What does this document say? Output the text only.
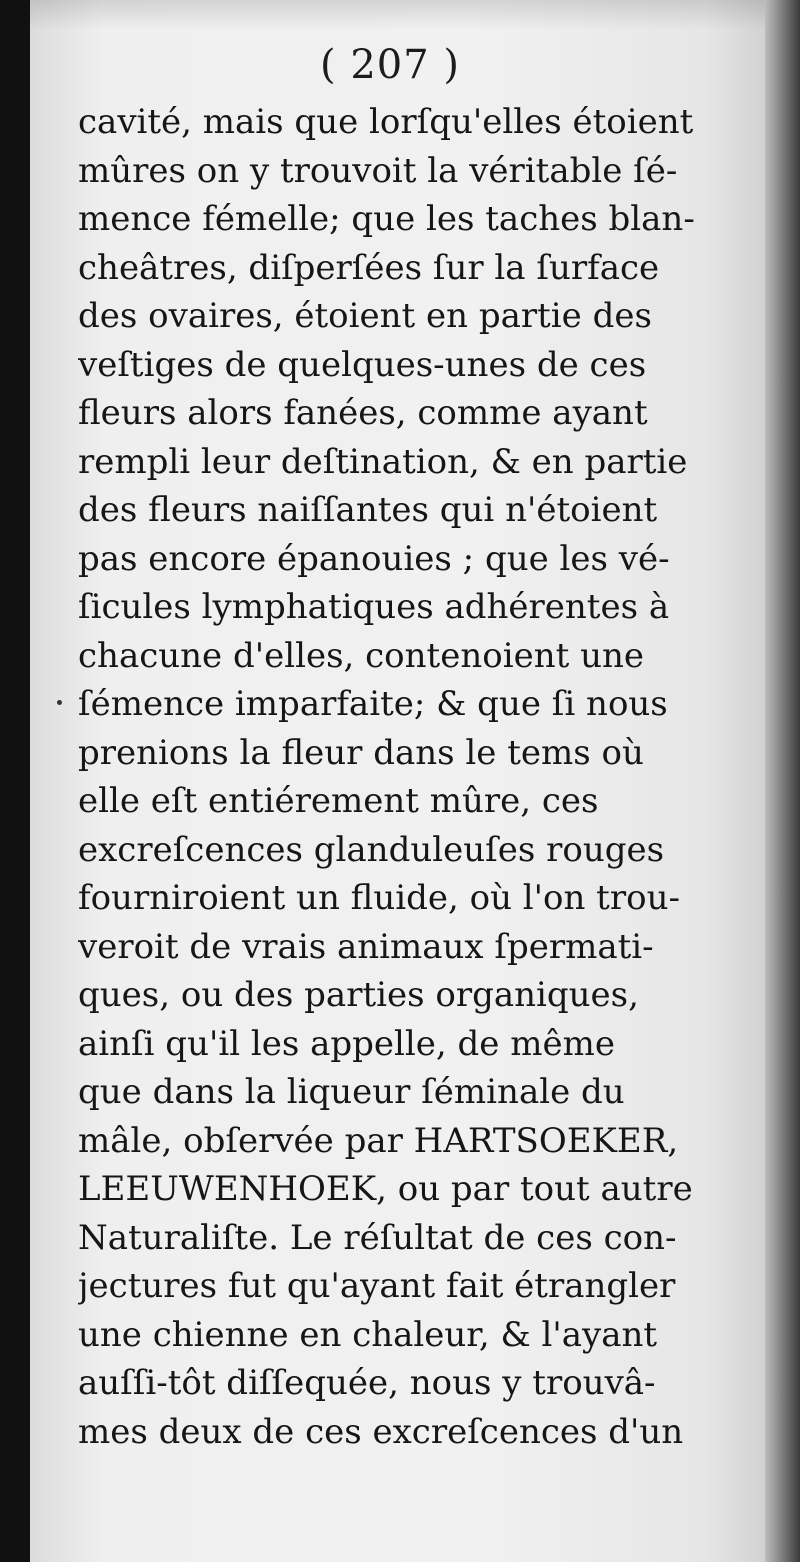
( 207 )
cavité, mais que lorſqu'elles étoient
mûres on y trouvoit la véritable ſé-
mence fémelle; que les taches blan-
cheâtres, diſperſées ſur la ſurface
des ovaires, étoient en partie des
veſtiges de quelques-unes de ces
fleurs alors fanées, comme ayant
rempli leur deſtination, & en partie
des fleurs naiſſantes qui n'étoient
pas encore épanouies ; que les vé-
ſicules lymphatiques adhérentes à
chacune d'elles, contenoient une
ſémence imparfaite; & que ſi nous
prenions la fleur dans le tems où
elle eſt entiérement mûre, ces
excreſcences glanduleuſes rouges
fourniroient un fluide, où l'on trou-
veroit de vrais animaux ſpermati-
ques, ou des parties organiques,
ainſi qu'il les appelle, de même
que dans la liqueur ſéminale du
mâle, obſervée par HARTSOEKER,
LEEUWENHOEK, ou par tout autre
Naturaliſte. Le réſultat de ces con-
jectures fut qu'ayant fait étrangler
une chienne en chaleur, & l'ayant
auſſi-tôt diſſequée, nous y trouvâ-
mes deux de ces excreſcences d'un
